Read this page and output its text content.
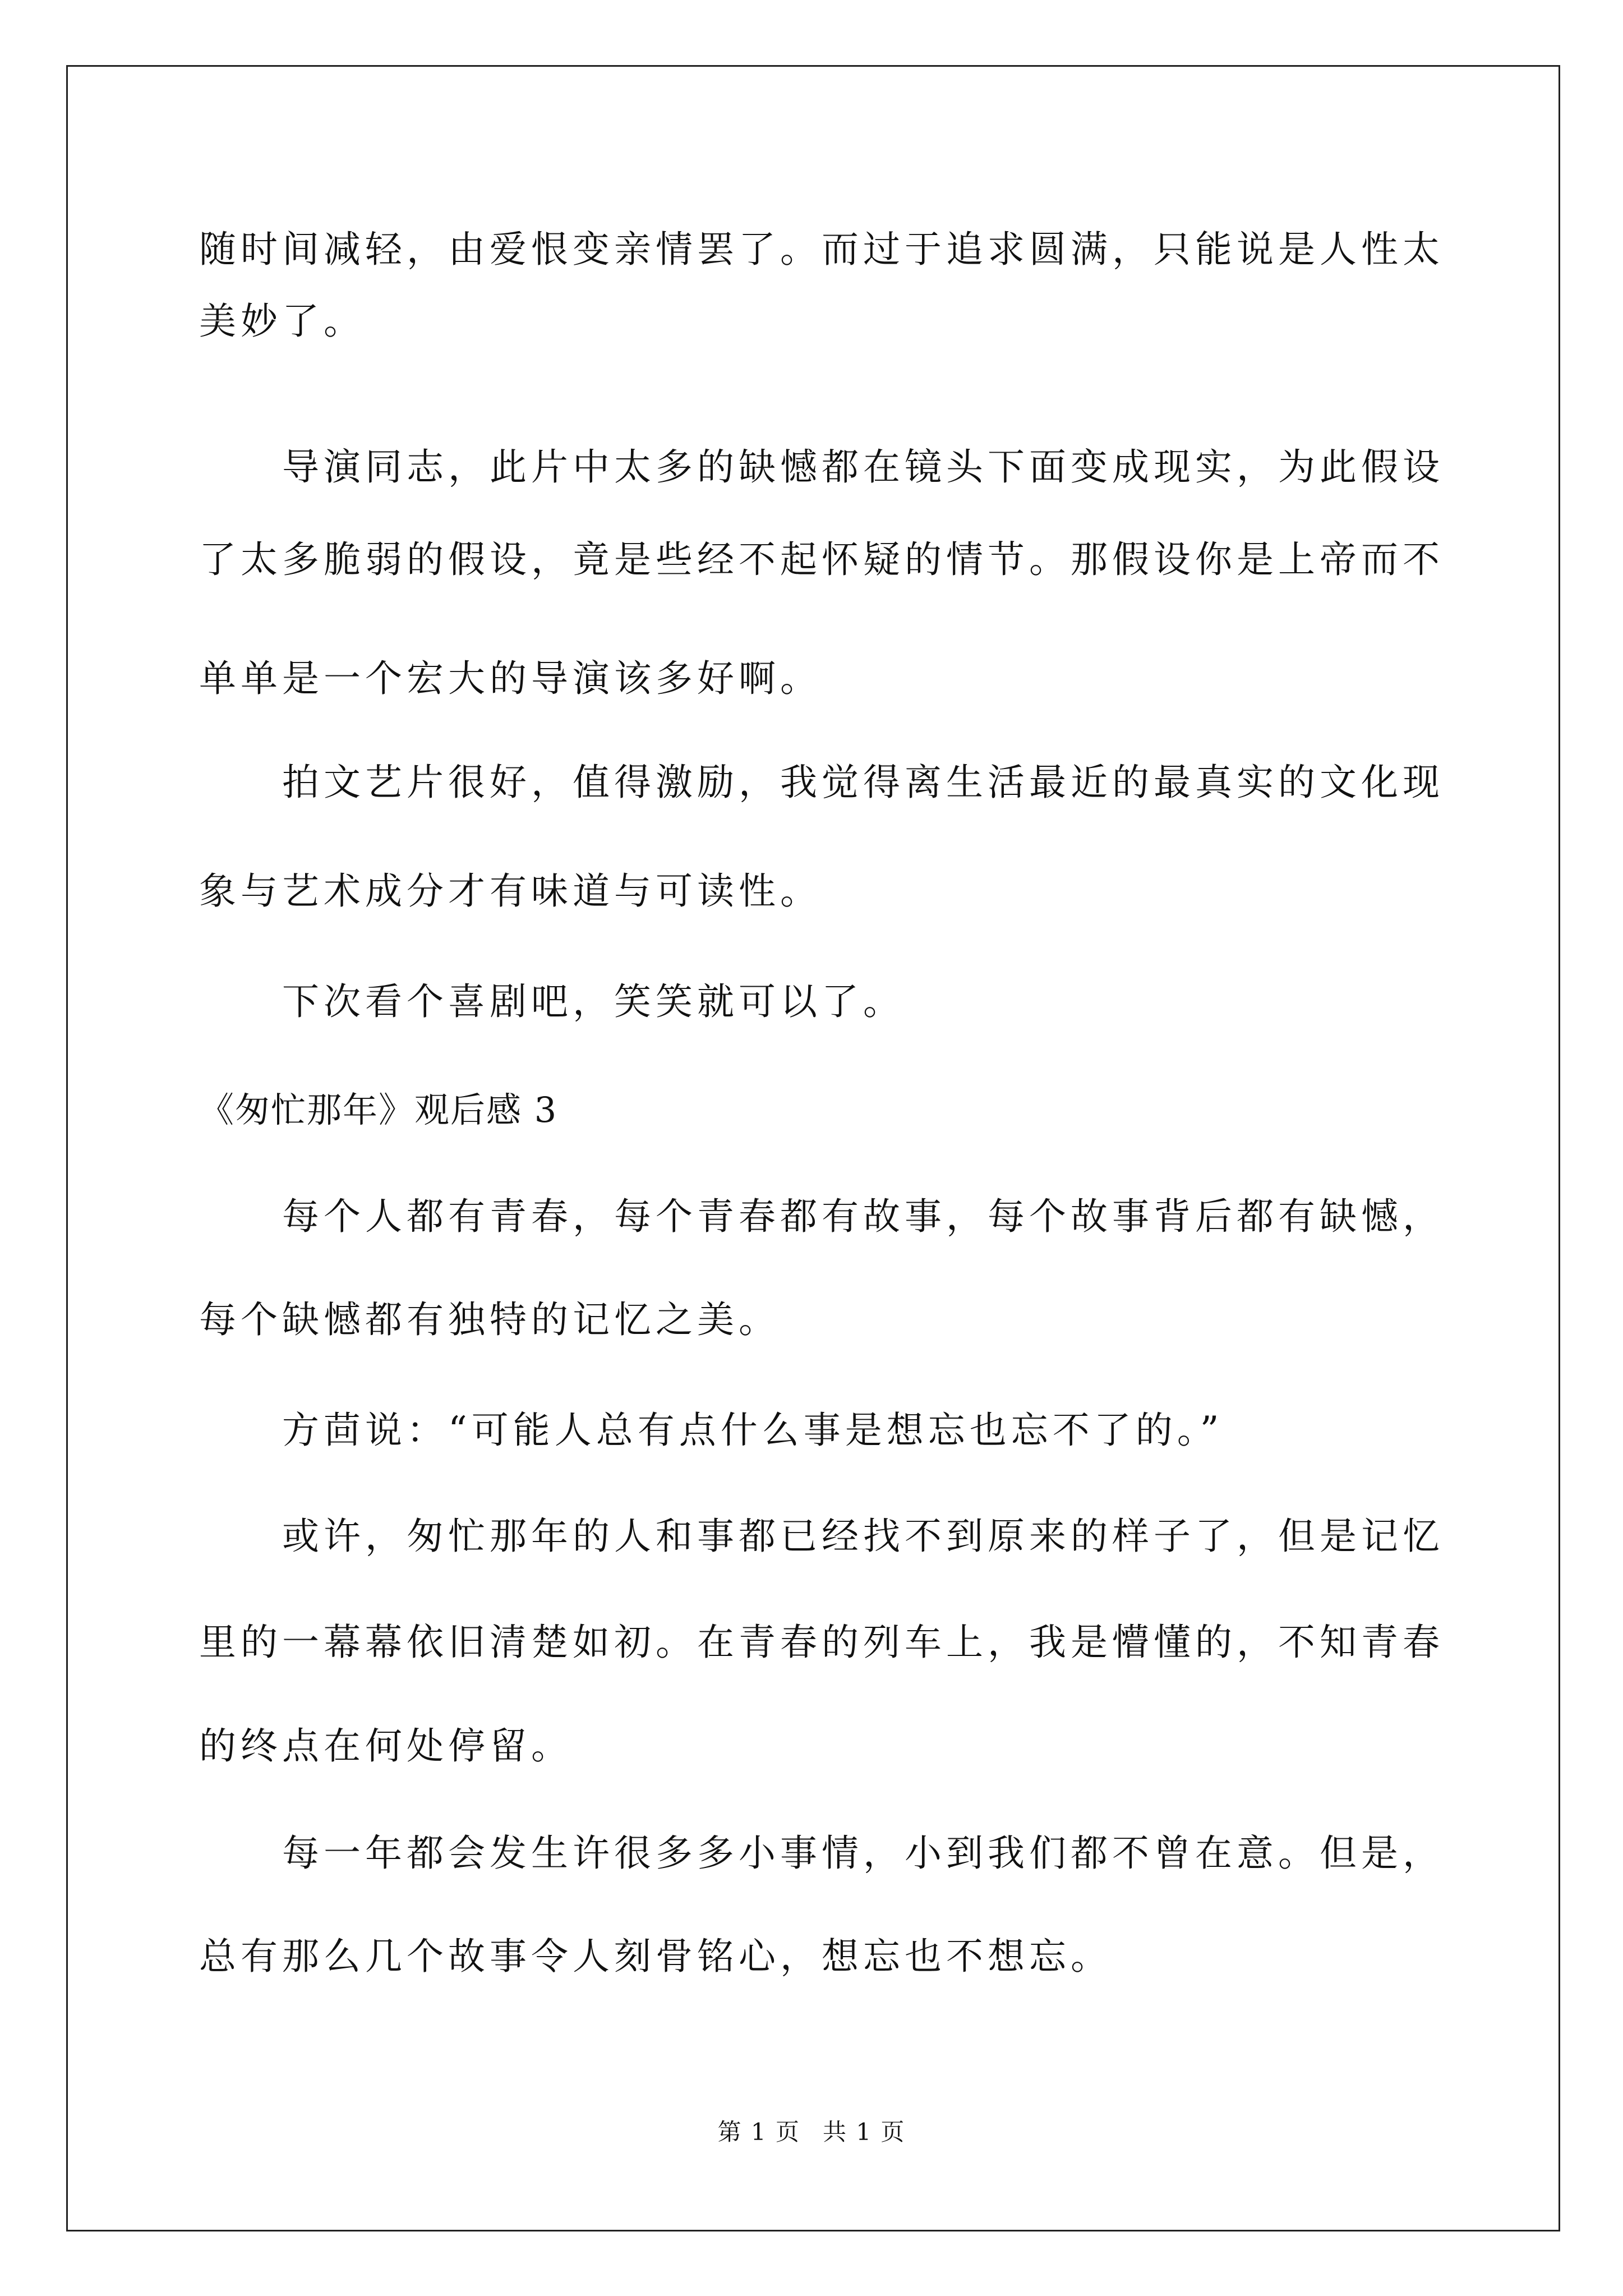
随时间减轻，由爱恨变亲情罢了。而过于追求圆满，只能说是人性太
美妙了。
导演同志，此片中太多的缺憾都在镜头下面变成现实，为此假设
了太多脆弱的假设，竟是些经不起怀疑的情节。那假设你是上帝而不
单单是一个宏大的导演该多好啊。
拍文艺片很好，值得激励，我觉得离生活最近的最真实的文化现
象与艺术成分才有味道与可读性。
下次看个喜剧吧，笑笑就可以了。
《匆忙那年》观后感 3
每个人都有青春，每个青春都有故事，每个故事背后都有缺憾，
每个缺憾都有独特的记忆之美。
方茴说：“可能人总有点什么事是想忘也忘不了的。”
或许，匆忙那年的人和事都已经找不到原来的样子了，但是记忆
里的一幕幕依旧清楚如初。在青春的列车上，我是懵懂的，不知青春
的终点在何处停留。
每一年都会发生许很多多小事情，小到我们都不曾在意。但是，
总有那么几个故事令人刻骨铭心，想忘也不想忘。
第 1 页 共 1 页
